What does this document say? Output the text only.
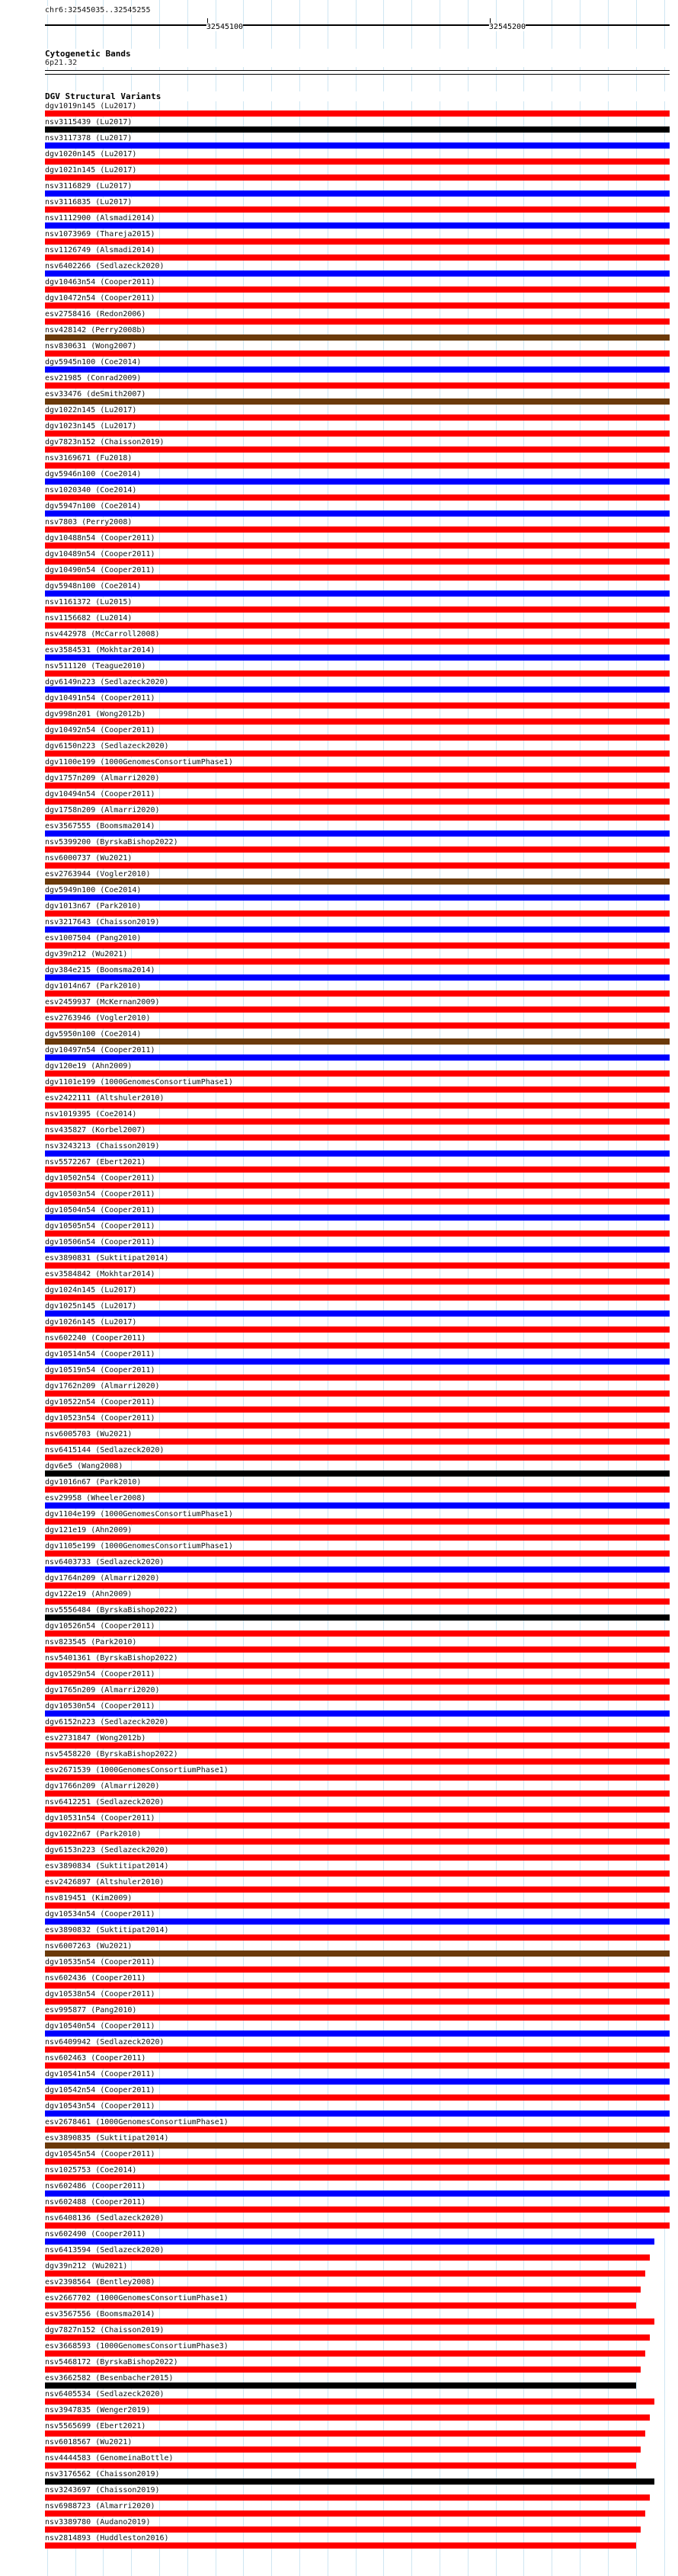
chr6:32545035..32545255
32545100	32545200
Cytogenetic Bands
6p21.32
DGV Structural Variants
dgv1019n145 (Lu2017)
nsv3115439 (Lu2017)
nsv3117378 (Lu2017)
dgv1020n145 (Lu2017)
dgv1021n145 (Lu2017)
nsv3116829 (Lu2017)
nsv3116835 (Lu2017)
nsv1112900 (Alsmadi2014)
nsv1073969 (Thareja2015)
nsv1126749 (Alsmadi2014)
nsv6402266 (Sedlazeck2020)
dgv10463n54 (Cooper2011)
dgv10472n54 (Cooper2011)
esv2758416 (Redon2006)
nsv428142 (Perry2008b)
nsv830631 (Wong2007)
dgv5945n100 (Coe2014)
esv21985 (Conrad2009)
esv33476 (deSmith2007)
dgv1022n145 (Lu2017)
dgv1023n145 (Lu2017)
dgv7823n152 (Chaisson2019)
nsv3169671 (Fu2018)
dgv5946n100 (Coe2014)
nsv1020340 (Coe2014)
dgv5947n100 (Coe2014)
nsv7803 (Perry2008)
dgv10488n54 (Cooper2011)
dgv10489n54 (Cooper2011)
dgv10490n54 (Cooper2011)
dgv5948n100 (Coe2014)
nsv1161372 (Lu2015)
nsv1156682 (Lu2014)
nsv442978 (McCarroll2008)
esv3584531 (Mokhtar2014)
nsv511120 (Teague2010)
dgv6149n223 (Sedlazeck2020)
dgv10491n54 (Cooper2011)
dgv998n201 (Wong2012b)
dgv10492n54 (Cooper2011)
dgv6150n223 (Sedlazeck2020)
dgv1100e199 (1000GenomesConsortiumPhase1)
dgv1757n209 (Almarri2020)
dgv10494n54 (Cooper2011)
dgv1758n209 (Almarri2020)
esv3567555 (Boomsma2014)
nsv5399200 (ByrskaBishop2022)
nsv6000737 (Wu2021)
esv2763944 (Vogler2010)
dgv5949n100 (Coe2014)
dgv1013n67 (Park2010)
nsv3217643 (Chaisson2019)
esv1007504 (Pang2010)
dgv39n212 (Wu2021)
dgv384e215 (Boomsma2014)
dgv1014n67 (Park2010)
esv2459937 (McKernan2009)
esv2763946 (Vogler2010)
dgv5950n100 (Coe2014)
dgv10497n54 (Cooper2011)
dgv120e19 (Ahn2009)
dgv1101e199 (1000GenomesConsortiumPhase1)
esv2422111 (Altshuler2010)
nsv1019395 (Coe2014)
nsv435827 (Korbel2007)
nsv3243213 (Chaisson2019)
nsv5572267 (Ebert2021)
dgv10502n54 (Cooper2011)
dgv10503n54 (Cooper2011)
dgv10504n54 (Cooper2011)
dgv10505n54 (Cooper2011)
dgv10506n54 (Cooper2011)
esv3890831 (Suktitipat2014)
esv3584842 (Mokhtar2014)
dgv1024n145 (Lu2017)
dgv1025n145 (Lu2017)
dgv1026n145 (Lu2017)
nsv602240 (Cooper2011)
dgv10514n54 (Cooper2011)
dgv10519n54 (Cooper2011)
dgv1762n209 (Almarri2020)
dgv10522n54 (Cooper2011)
dgv10523n54 (Cooper2011)
nsv6005703 (Wu2021)
nsv6415144 (Sedlazeck2020)
dgv6e5 (Wang2008)
dgv1016n67 (Park2010)
esv29958 (Wheeler2008)
dgv1104e199 (1000GenomesConsortiumPhase1)
dgv121e19 (Ahn2009)
dgv1105e199 (1000GenomesConsortiumPhase1)
nsv6403733 (Sedlazeck2020)
dgv1764n209 (Almarri2020)
dgv122e19 (Ahn2009)
nsv5556484 (ByrskaBishop2022)
dgv10526n54 (Cooper2011)
nsv823545 (Park2010)
nsv5401361 (ByrskaBishop2022)
dgv10529n54 (Cooper2011)
dgv1765n209 (Almarri2020)
dgv10530n54 (Cooper2011)
dgv6152n223 (Sedlazeck2020)
esv2731847 (Wong2012b)
nsv5458220 (ByrskaBishop2022)
esv2671539 (1000GenomesConsortiumPhase1)
dgv1766n209 (Almarri2020)
nsv6412251 (Sedlazeck2020)
dgv10531n54 (Cooper2011)
dgv1022n67 (Park2010)
dgv6153n223 (Sedlazeck2020)
esv3890834 (Suktitipat2014)
esv2426897 (Altshuler2010)
nsv819451 (Kim2009)
dgv10534n54 (Cooper2011)
esv3890832 (Suktitipat2014)
nsv6007263 (Wu2021)
dgv10535n54 (Cooper2011)
nsv602436 (Cooper2011)
dgv10538n54 (Cooper2011)
esv995877 (Pang2010)
dgv10540n54 (Cooper2011)
nsv6409942 (Sedlazeck2020)
nsv602463 (Cooper2011)
dgv10541n54 (Cooper2011)
dgv10542n54 (Cooper2011)
dgv10543n54 (Cooper2011)
esv2678461 (1000GenomesConsortiumPhase1)
esv3890835 (Suktitipat2014)
dgv10545n54 (Cooper2011)
nsv1025753 (Coe2014)
nsv602486 (Cooper2011)
nsv602488 (Cooper2011)
nsv6408136 (Sedlazeck2020)
nsv602490 (Cooper2011)
nsv6413594 (Sedlazeck2020)
dgv39n212 (Wu2021)
esv2398564 (Bentley2008)
esv2667702 (1000GenomesConsortiumPhase1)
esv3567556 (Boomsma2014)
dgv7827n152 (Chaisson2019)
esv3668593 (1000GenomesConsortiumPhase3)
nsv5468172 (ByrskaBishop2022)
esv3662582 (Besenbacher2015)
nsv6405534 (Sedlazeck2020)
nsv3947835 (Wenger2019)
nsv5565699 (Ebert2021)
nsv6018567 (Wu2021)
nsv4444583 (GenomeinaBottle)
nsv3176562 (Chaisson2019)
nsv3243697 (Chaisson2019)
nsv6988723 (Almarri2020)
nsv3389780 (Audano2019)
nsv2814893 (Huddleston2016)
